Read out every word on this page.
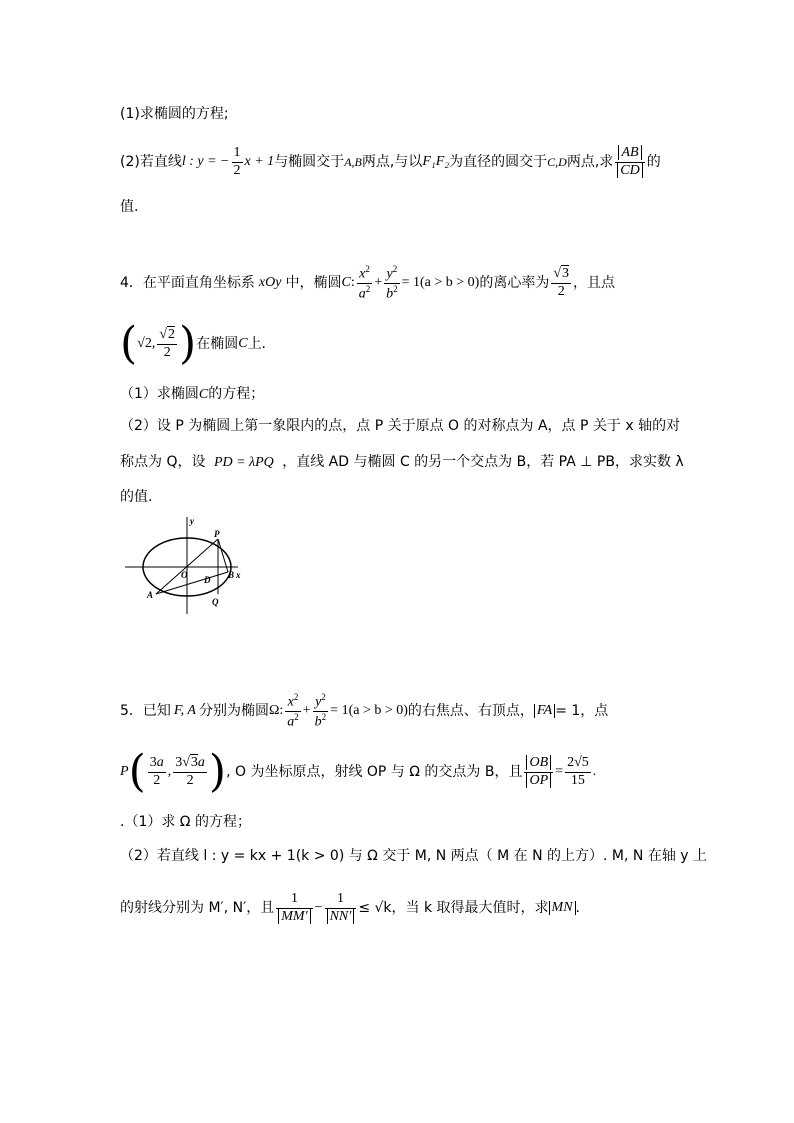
(1)求椭圆的方程;
(2)若直线 l : y = − $\frac{1}{2}$ x + 1 与椭圆交于 A,B 两点,与以 F₁F₂ 为直径的圆交于 C,D 两点,求 $\frac{AB}{CD}$ 的
值.
4．在平面直角坐标系 xOy 中，椭圆 C : $\frac{x^2}{a^2} + \frac{y^2}{b^2} = 1(a > b > 0)$ 的离心率为 $\frac{√3}{2}$ ，且点
( √2, $\frac{√2}{2}$ ) 在椭圆 C 上.
（1）求椭圆C的方程；
（2）设 P 为椭圆上第一象限内的点，点 P 关于原点 O 的对称点为 A，点 P 关于 x 轴的对
称点为 Q，设 PD = λPQ ，直线 AD 与椭圆 C 的另一个交点为 B，若 PA ⊥ PB，求实数 λ
的值.
y
P
O D B x
A
Q
5．已知 F, A 分别为椭圆 Ω : $\frac{x^2}{a^2} + \frac{y^2}{b^2} = 1(a > b > 0)$ 的右焦点、右顶点， FA = 1，点
P ( $\frac{3a}{2}$ , $\frac{3√3a}{2}$ ) , O 为坐标原点，射线 OP 与 Ω 的交点为 B，且 $\frac{OB}{OP} = \frac{2√5}{15}$ .
.（1）求 Ω 的方程；
（2）若直线 l : y = kx + 1(k > 0) 与 Ω 交于 M, N 两点（ M 在 N 的上方）. M, N 在轴 y 上
的射线分别为 M′, N′，且 $\frac{1}{MM'} - \frac{1}{NN'} \le √k$，当 k 取得最大值时，求 MN .
